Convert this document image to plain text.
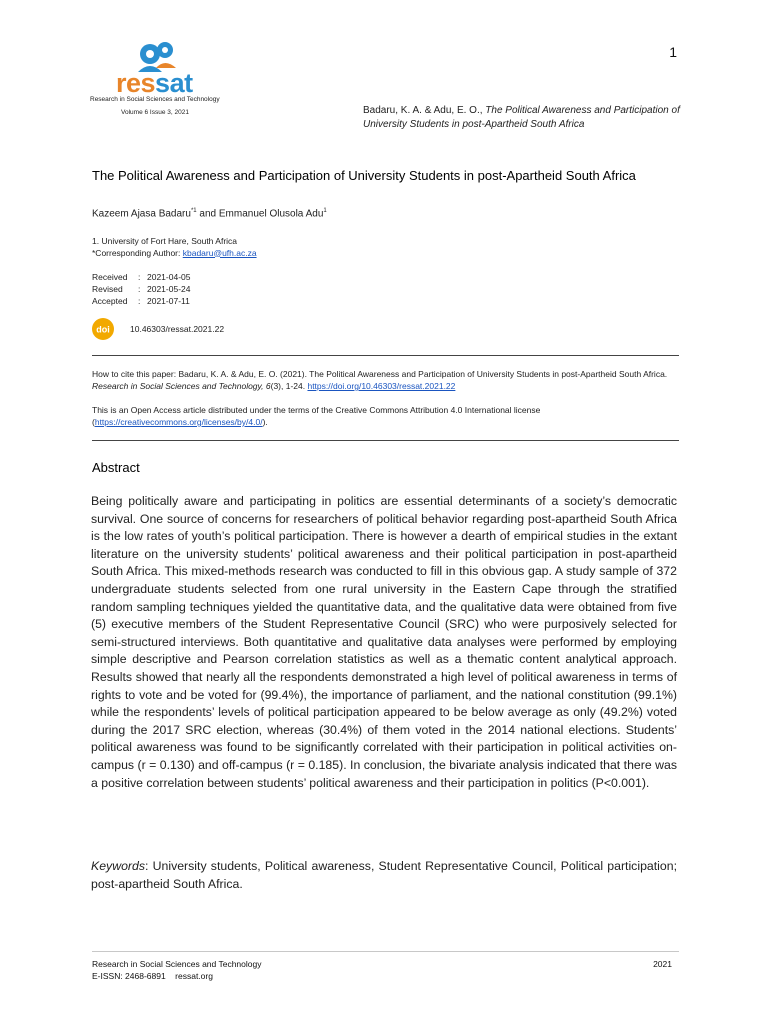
1
ressat
Research in Social Sciences and Technology
Volume 6 Issue 3, 2021	Badaru, K. A. & Adu, E. O., The Political Awareness and Participation of University Students in post-Apartheid South Africa
The Political Awareness and Participation of University Students in post-Apartheid South Africa
Kazeem Ajasa Badaru$^{*1}$ and Emmanuel Olusola Adu$^1$
1. University of Fort Hare, South Africa
*Corresponding Author: kbadaru@ufh.ac.za
Received : 2021-04-05
Revised : 2021-05-24
Accepted : 2021-07-11
doi 10.46303/ressat.2021.22
How to cite this paper: Badaru, K. A. & Adu, E. O. (2021). The Political Awareness and Participation of University Students in post-Apartheid South Africa. Research in Social Sciences and Technology, 6(3), 1-24. https://doi.org/10.46303/ressat.2021.22
This is an Open Access article distributed under the terms of the Creative Commons Attribution 4.0 International license (https://creativecommons.org/licenses/by/4.0/).
Abstract
Being politically aware and participating in politics are essential determinants of a society’s democratic survival. One source of concerns for researchers of political behavior regarding post-apartheid South Africa is the low rates of youth’s political participation. There is however a dearth of empirical studies in the extant literature on the university students’ political awareness and their political participation in post-apartheid South Africa. This mixed-methods research was conducted to fill in this obvious gap. A study sample of 372 undergraduate students selected from one rural university in the Eastern Cape through the stratified random sampling techniques yielded the quantitative data, and the qualitative data were obtained from five (5) executive members of the Student Representative Council (SRC) who were purposively selected for semi-structured interviews. Both quantitative and qualitative data analyses were performed by employing simple descriptive and Pearson correlation statistics as well as a thematic content analytical approach. Results showed that nearly all the respondents demonstrated a high level of political awareness in terms of rights to vote and be voted for (99.4%), the importance of parliament, and the national constitution (99.1%) while the respondents’ levels of political participation appeared to be below average as only (49.2%) voted during the 2017 SRC election, whereas (30.4%) of them voted in the 2014 national elections. Students’ political awareness was found to be significantly correlated with their participation in political activities on-campus (r = 0.130) and off-campus (r = 0.185). In conclusion, the bivariate analysis indicated that there was a positive correlation between students’ political awareness and their participation in politics (P<0.001).
Keywords: University students, Political awareness, Student Representative Council, Political participation; post-apartheid South Africa.
Research in Social Sciences and Technology
E-ISSN: 2468-6891    ressat.org
2021
